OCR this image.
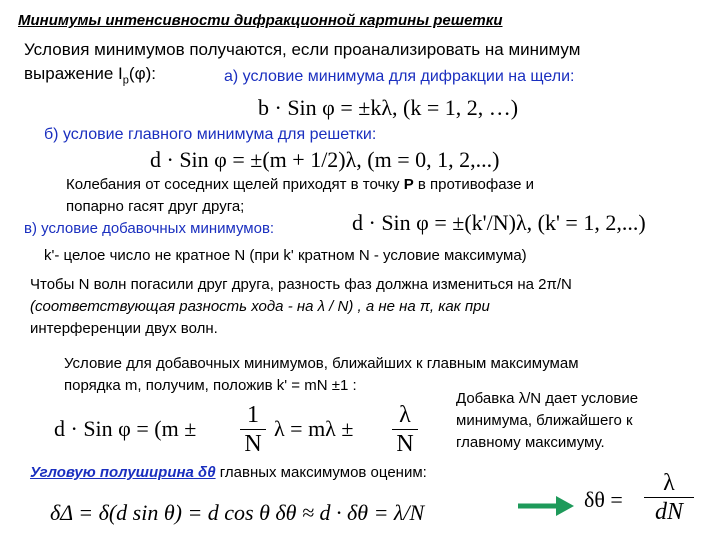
Минимумы интенсивности дифракционной картины решетки
Условия минимумов получаются, если проанализировать на минимум
выражение $I_p(\varphi)$:	а) условие минимума для дифракции на щели:
b · Sin φ = ±kλ, (k = 1, 2, …)
б) условие главного минимума для решетки:
d · Sin φ = ±(m + 1/2)λ, (m = 0, 1, 2,...)
Колебания от соседних щелей приходят в точку P в противофазе и
попарно гасят друг друга;
в) условие добавочных минимумов:	d · Sin φ = ±(k'/N)λ, (k' = 1, 2,...)
k'- целое число не кратное N (при k' кратном N - условие максимума)
Чтобы N волн погасили друг друга, разность фаз должна измениться на 2π/N
(соответствующая разность хода - на λ / N) , а не на π, как при
интерференции двух волн.
Условие для добавочных минимумов, ближайших к главным максимумам
порядка m, получим, положив k' = mN ±1 :
d · Sin φ = (m ±
1
N
λ = mλ ±
λ
N
Добавка λ/N дает условие
минимума, ближайшего к
главному максимуму.
Угловую полуширина δθ главных максимумов оценим:
δΔ = δ(d sin θ) = d cos θ δθ ≈ d · δθ = λ/N
δθ =
λ
dN
